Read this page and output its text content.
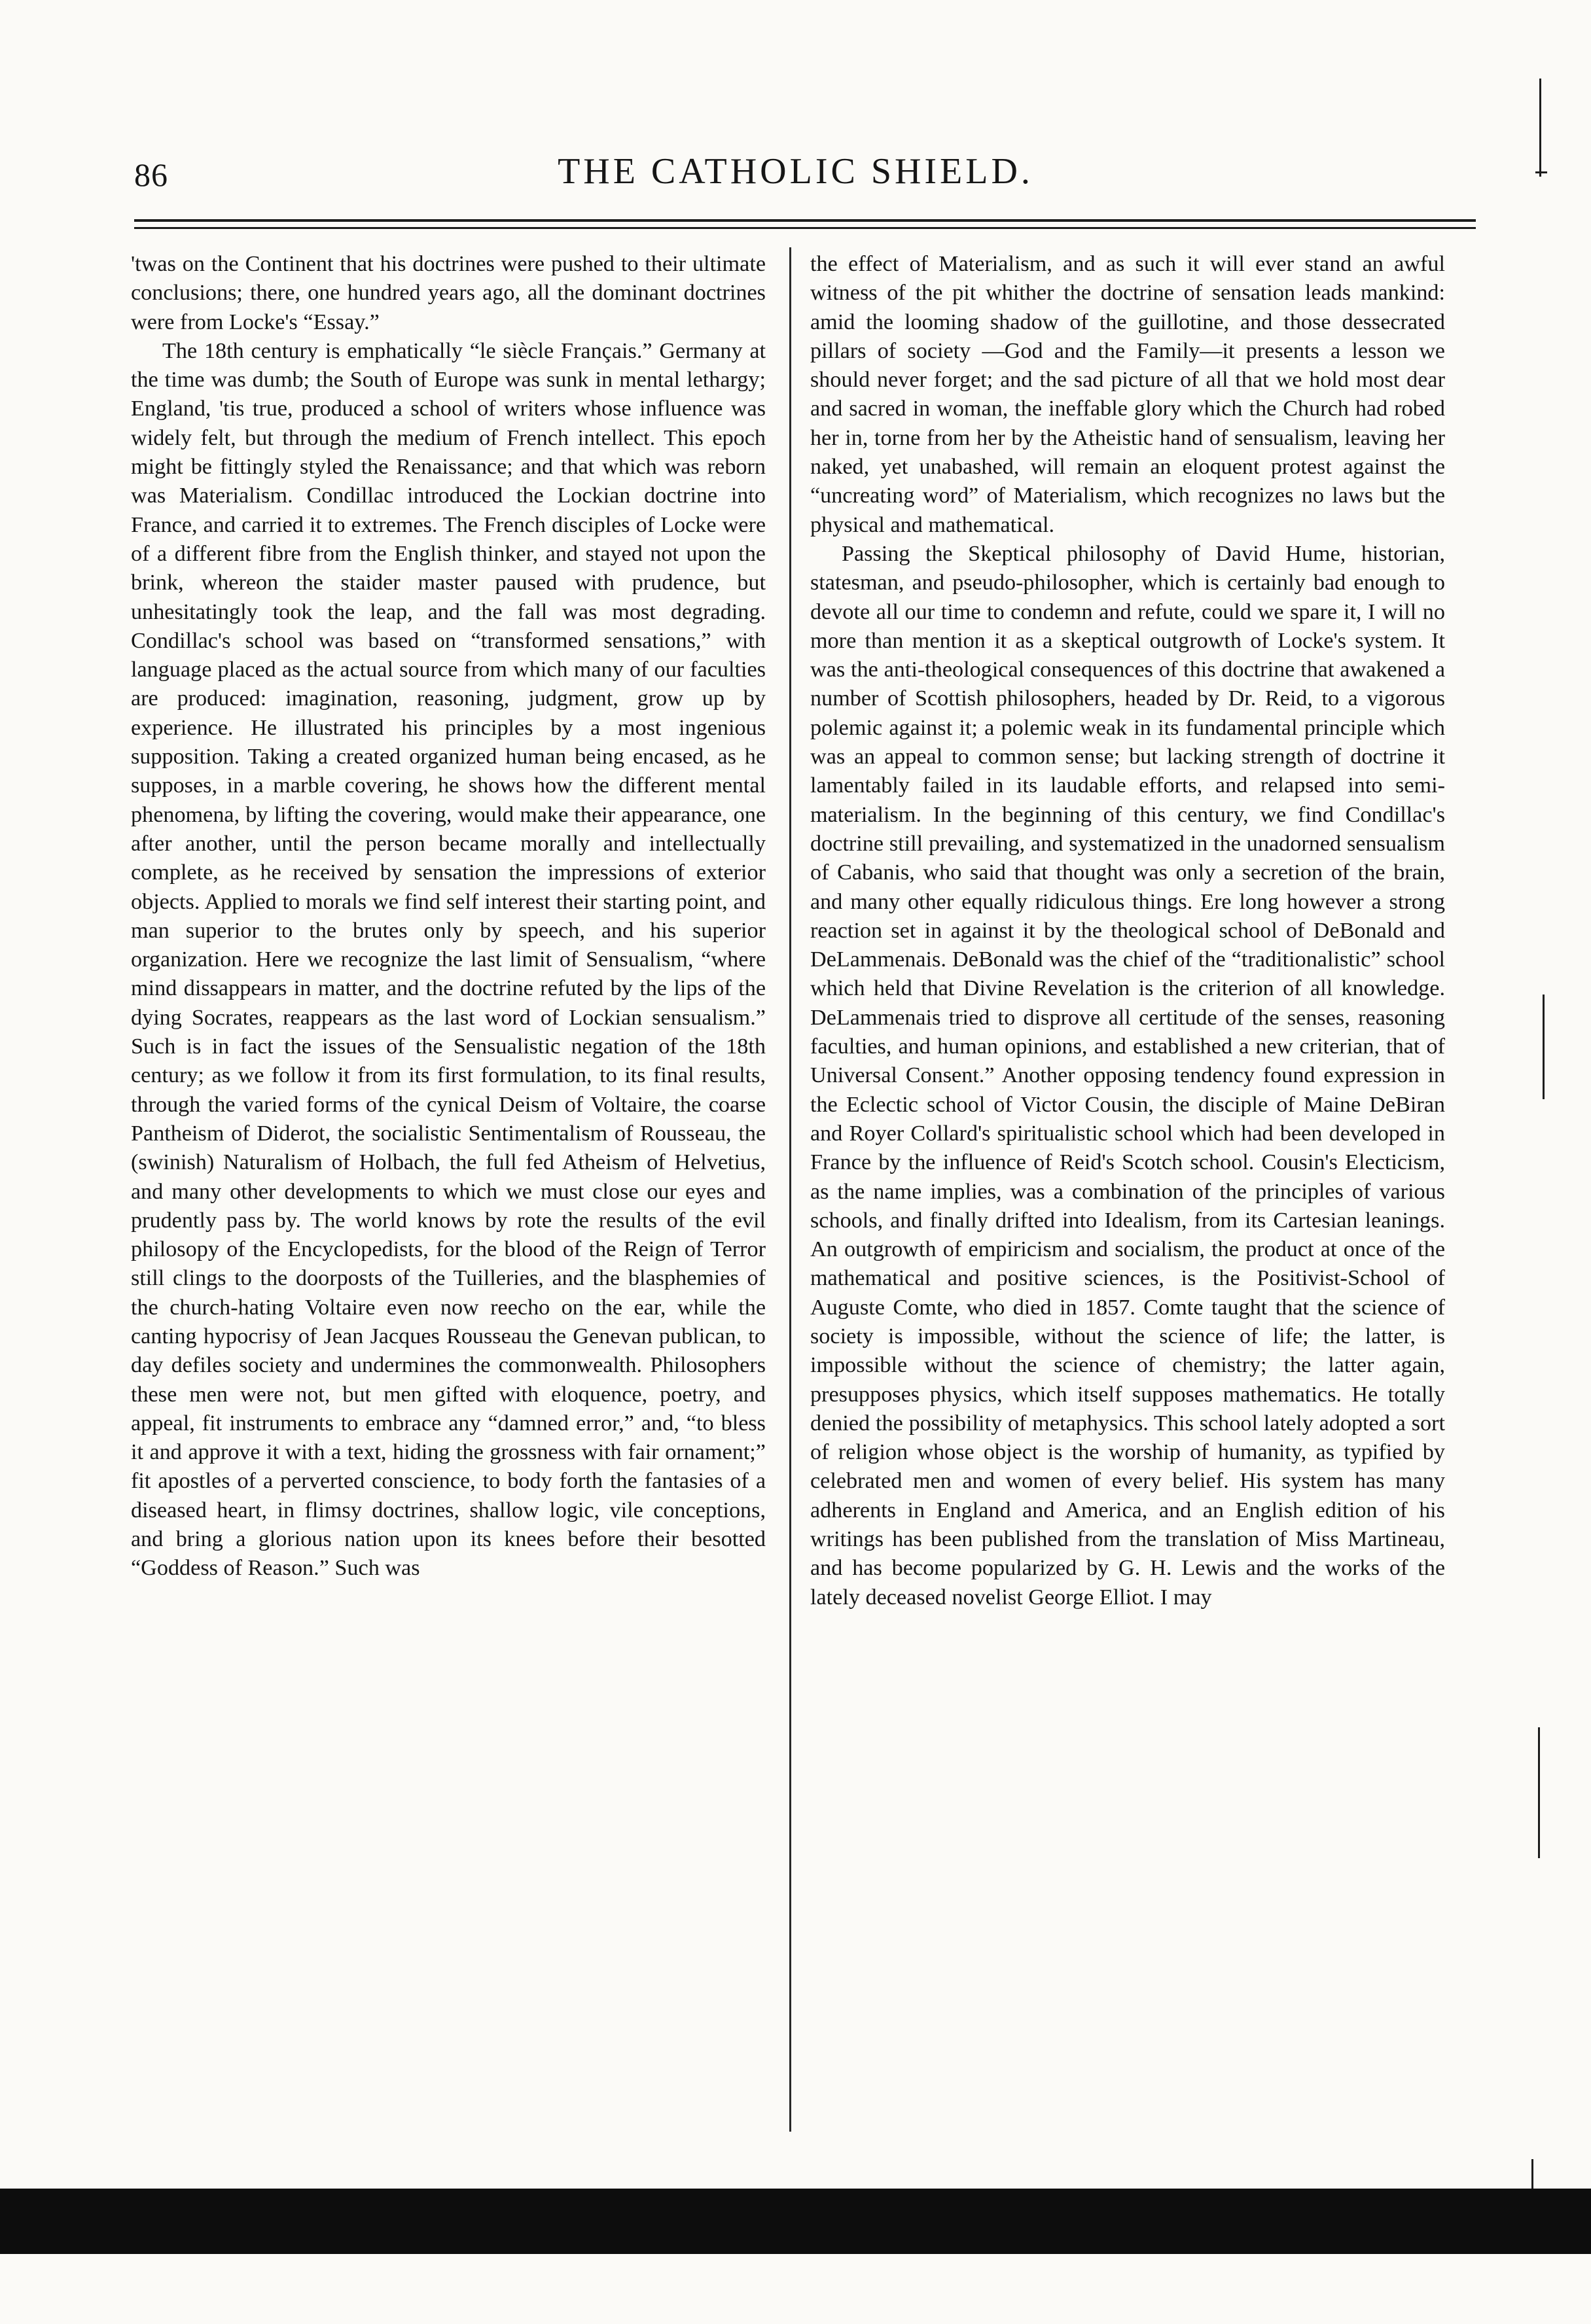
86	THE CATHOLIC SHIELD.

'twas on the Continent that his doctrines were pushed to their ultimate conclusions; there, one hundred years ago, all the dominant doctrines were from Locke's “Essay.”

The 18th century is emphatically “le siècle Français.” Germany at the time was dumb; the South of Europe was sunk in mental lethargy; England, 'tis true, produced a school of writers whose influence was widely felt, but through the medium of French intellect. This epoch might be fittingly styled the Renaissance; and that which was reborn was Materialism. Condillac introduced the Lockian doctrine into France, and carried it to extremes. The French disciples of Locke were of a different fibre from the English thinker, and stayed not upon the brink, whereon the staider master paused with prudence, but unhesitatingly took the leap, and the fall was most degrading. Condillac's school was based on “transformed sensations,” with language placed as the actual source from which many of our faculties are produced: imagination, reasoning, judgment, grow up by experience. He illustrated his principles by a most ingenious supposition. Taking a created organized human being encased, as he supposes, in a marble covering, he shows how the different mental phenomena, by lifting the covering, would make their appearance, one after another, until the person became morally and intellectually complete, as he received by sensation the impressions of exterior objects. Applied to morals we find self interest their starting point, and man superior to the brutes only by speech, and his superior organization. Here we recognize the last limit of Sensualism, “where mind dissappears in matter, and the doctrine refuted by the lips of the dying Socrates, reappears as the last word of Lockian sensualism.” Such is in fact the issues of the Sensualistic negation of the 18th century; as we follow it from its first formulation, to its final results, through the varied forms of the cynical Deism of Voltaire, the coarse Pantheism of Diderot, the socialistic Sentimentalism of Rousseau, the (swinish) Naturalism of Holbach, the full fed Atheism of Helvetius, and many other developments to which we must close our eyes and prudently pass by. The world knows by rote the results of the evil philosopy of the Encyclopedists, for the blood of the Reign of Terror still clings to the doorposts of the Tuilleries, and the blasphemies of the church-hating Voltaire even now reecho on the ear, while the canting hypocrisy of Jean Jacques Rousseau the Genevan publican, to day defiles society and undermines the commonwealth. Philosophers these men were not, but men gifted with eloquence, poetry, and appeal, fit instruments to embrace any “damned error,” and, “to bless it and approve it with a text, hiding the grossness with fair ornament;” fit apostles of a perverted conscience, to body forth the fantasies of a diseased heart, in flimsy doctrines, shallow logic, vile conceptions, and bring a glorious nation upon its knees before their besotted “Goddess of Reason.” Such was

the effect of Materialism, and as such it will ever stand an awful witness of the pit whither the doctrine of sensation leads mankind: amid the looming shadow of the guillotine, and those dessecrated pillars of society —God and the Family—it presents a lesson we should never forget; and the sad picture of all that we hold most dear and sacred in woman, the ineffable glory which the Church had robed her in, torne from her by the Atheistic hand of sensualism, leaving her naked, yet unabashed, will remain an eloquent protest against the “uncreating word” of Materialism, which recognizes no laws but the physical and mathematical.

Passing the Skeptical philosophy of David Hume, historian, statesman, and pseudo-philosopher, which is certainly bad enough to devote all our time to condemn and refute, could we spare it, I will no more than mention it as a skeptical outgrowth of Locke's system. It was the anti-theological consequences of this doctrine that awakened a number of Scottish philosophers, headed by Dr. Reid, to a vigorous polemic against it; a polemic weak in its fundamental principle which was an appeal to common sense; but lacking strength of doctrine it lamentably failed in its laudable efforts, and relapsed into semi-materialism. In the beginning of this century, we find Condillac's doctrine still prevailing, and systematized in the unadorned sensualism of Cabanis, who said that thought was only a secretion of the brain, and many other equally ridiculous things. Ere long however a strong reaction set in against it by the theological school of DeBonald and DeLammenais. DeBonald was the chief of the “traditionalistic” school which held that Divine Revelation is the criterion of all knowledge. DeLammenais tried to disprove all certitude of the senses, reasoning faculties, and human opinions, and established a new criterian, that of Universal Consent.” Another opposing tendency found expression in the Eclectic school of Victor Cousin, the disciple of Maine DeBiran and Royer Collard's spiritualistic school which had been developed in France by the influence of Reid's Scotch school. Cousin's Electicism, as the name implies, was a combination of the principles of various schools, and finally drifted into Idealism, from its Cartesian leanings. An outgrowth of empiricism and socialism, the product at once of the mathematical and positive sciences, is the Positivist-School of Auguste Comte, who died in 1857. Comte taught that the science of society is impossible, without the science of life; the latter, is impossible without the science of chemistry; the latter again, presupposes physics, which itself supposes mathematics. He totally denied the possibility of metaphysics. This school lately adopted a sort of religion whose object is the worship of humanity, as typified by celebrated men and women of every belief. His system has many adherents in England and America, and an English edition of his writings has been published from the translation of Miss Martineau, and has become popularized by G. H. Lewis and the works of the lately deceased novelist George Elliot. I may
